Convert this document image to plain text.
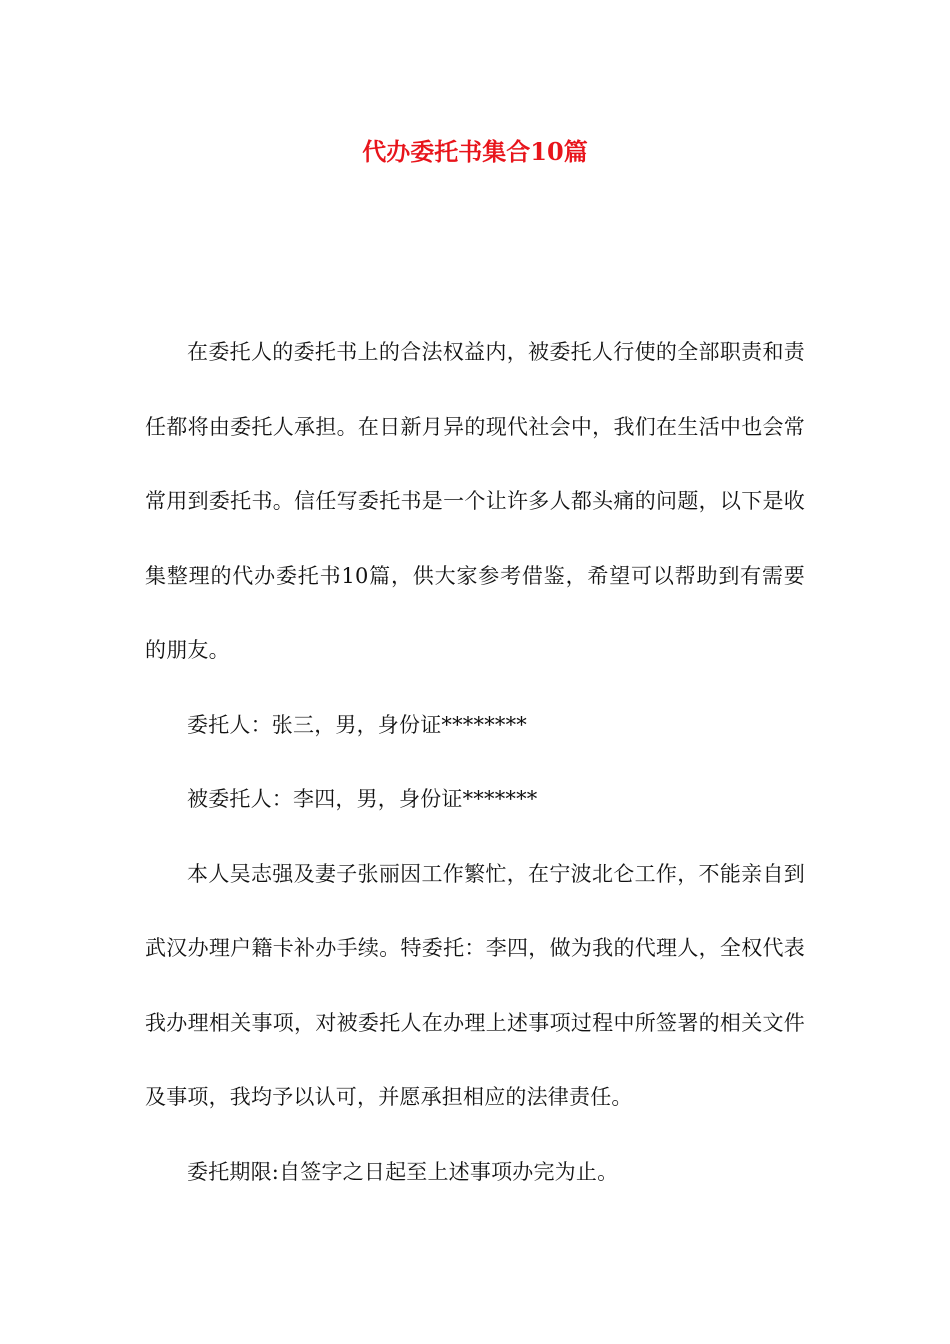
代办委托书集合10篇

在委托人的委托书上的合法权益内，被委托人行使的全部职责和责任都将由委托人承担。在日新月异的现代社会中，我们在生活中也会常常用到委托书。信任写委托书是一个让许多人都头痛的问题，以下是收集整理的代办委托书10篇，供大家参考借鉴，希望可以帮助到有需要的朋友。

委托人：张三，男，身份证********

被委托人：李四，男，身份证*******

本人吴志强及妻子张丽因工作繁忙，在宁波北仑工作，不能亲自到武汉办理户籍卡补办手续。特委托：李四，做为我的代理人，全权代表我办理相关事项，对被委托人在办理上述事项过程中所签署的相关文件及事项，我均予以认可，并愿承担相应的法律责任。

委托期限:自签字之日起至上述事项办完为止。
